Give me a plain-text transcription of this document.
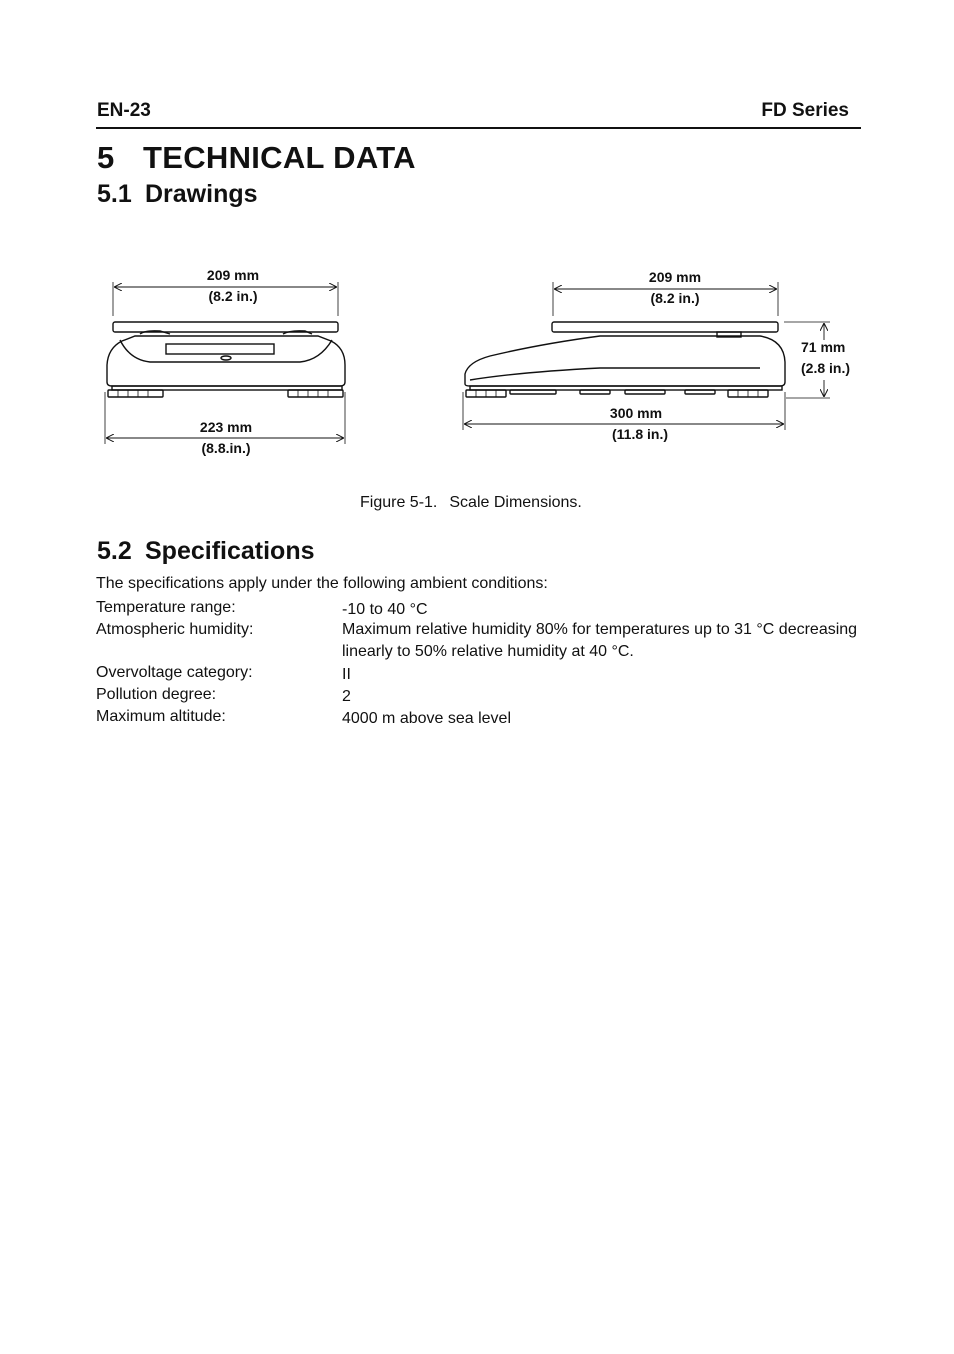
EN-23	FD Series
5 TECHNICAL DATA
5.1 Drawings
209 mm
(8.2 in.)
223 mm
(8.8.in.)
209 mm
(8.2 in.)
71 mm
(2.8 in.)
300 mm
(11.8 in.)
Figure 5-1. Scale Dimensions.
5.2 Specifications
The specifications apply under the following ambient conditions:
Temperature range:	-10 to 40 °C
Atmospheric humidity:	Maximum relative humidity 80% for temperatures up to 31 °C decreasing linearly to 50% relative humidity at 40 °C.
Overvoltage category:	II
Pollution degree:	2
Maximum altitude:	4000 m above sea level
